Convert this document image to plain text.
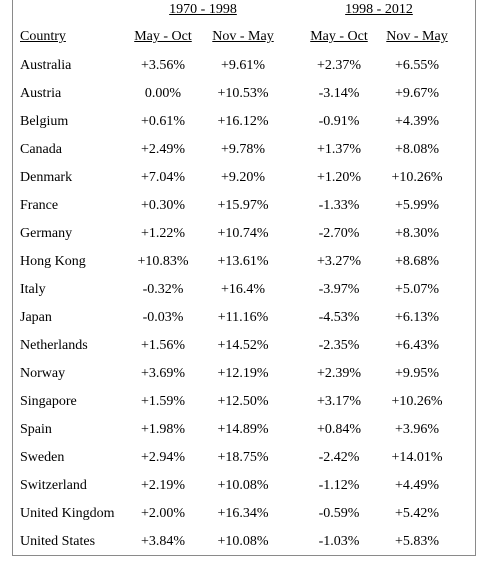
1970 - 1998	1998 - 2012
Country	May - Oct	Nov - May	May - Oct	Nov - May
Australia	+3.56%	+9.61%	+2.37%	+6.55%
Austria	0.00%	+10.53%	-3.14%	+9.67%
Belgium	+0.61%	+16.12%	-0.91%	+4.39%
Canada	+2.49%	+9.78%	+1.37%	+8.08%
Denmark	+7.04%	+9.20%	+1.20%	+10.26%
France	+0.30%	+15.97%	-1.33%	+5.99%
Germany	+1.22%	+10.74%	-2.70%	+8.30%
Hong Kong	+10.83%	+13.61%	+3.27%	+8.68%
Italy	-0.32%	+16.4%	-3.97%	+5.07%
Japan	-0.03%	+11.16%	-4.53%	+6.13%
Netherlands	+1.56%	+14.52%	-2.35%	+6.43%
Norway	+3.69%	+12.19%	+2.39%	+9.95%
Singapore	+1.59%	+12.50%	+3.17%	+10.26%
Spain	+1.98%	+14.89%	+0.84%	+3.96%
Sweden	+2.94%	+18.75%	-2.42%	+14.01%
Switzerland	+2.19%	+10.08%	-1.12%	+4.49%
United Kingdom	+2.00%	+16.34%	-0.59%	+5.42%
United States	+3.84%	+10.08%	-1.03%	+5.83%
